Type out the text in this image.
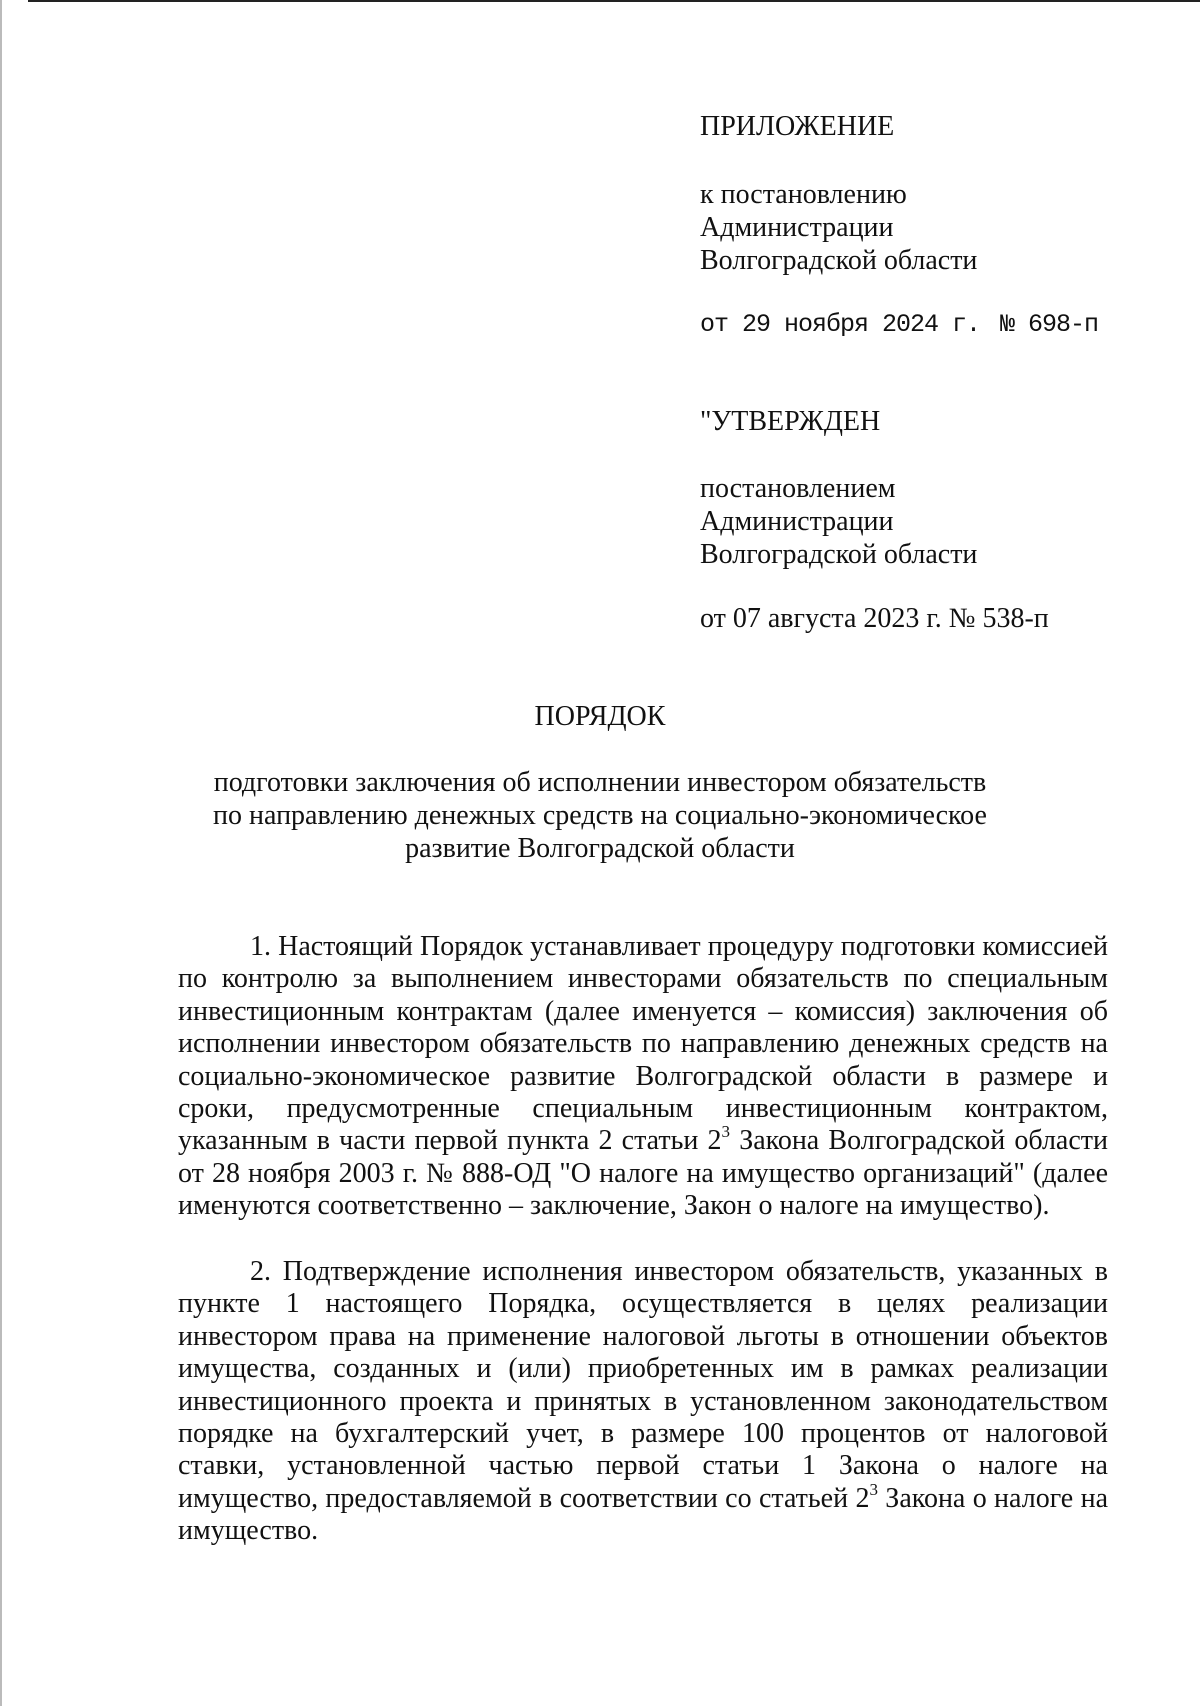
ПРИЛОЖЕНИЕ
к постановлению
Администрации
Волгоградской области
от 29 ноября 2024 г. № 698-п
"УТВЕРЖДЕН
постановлением
Администрации
Волгоградской области
от 07 августа 2023 г. № 538-п
ПОРЯДОК
подготовки заключения об исполнении инвестором обязательств
по направлению денежных средств на социально-экономическое
развитие Волгоградской области

1. Настоящий Порядок устанавливает процедуру подготовки комиссией по контролю за выполнением инвесторами обязательств по специальным инвестиционным контрактам (далее именуется – комиссия) заключения об исполнении инвестором обязательств по направлению денежных средств на социально-экономическое развитие Волгоградской области в размере и сроки, предусмотренные специальным инвестиционным контрактом, указанным в части первой пункта 2 статьи $2^3$ Закона Волгоградской области от 28 ноября 2003 г. № 888-ОД "О налоге на имущество организаций" (далее именуются соответственно – заключение, Закон о налоге на имущество).

2. Подтверждение исполнения инвестором обязательств, указанных в пункте 1 настоящего Порядка, осуществляется в целях реализации инвестором права на применение налоговой льготы в отношении объектов имущества, созданных и (или) приобретенных им в рамках реализации инвестиционного проекта и принятых в установленном законодательством порядке на бухгалтерский учет, в размере 100 процентов от налоговой ставки, установленной частью первой статьи 1 Закона о налоге на имущество, предоставляемой в соответствии со статьей $2^3$ Закона о налоге на имущество.
